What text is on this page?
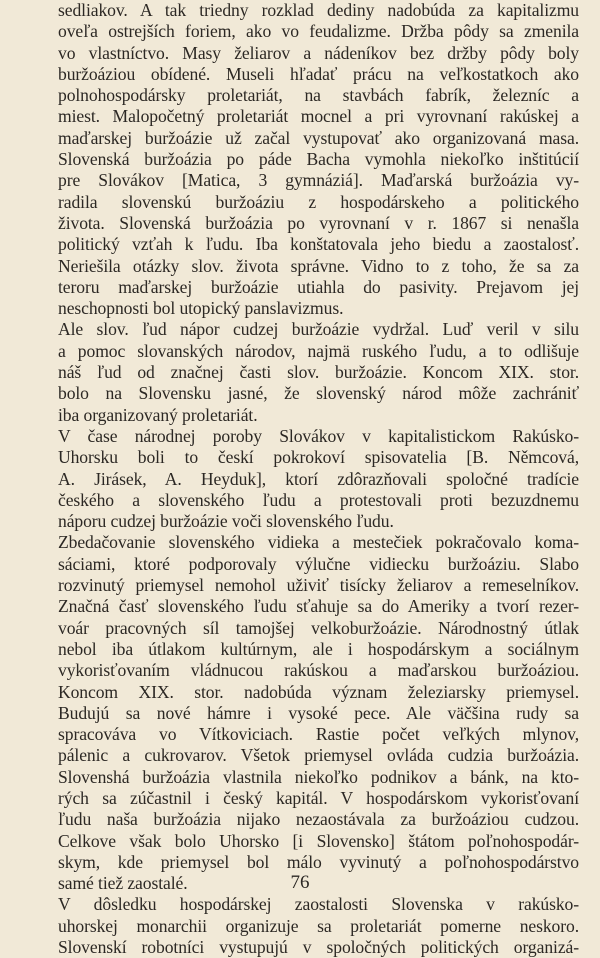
sedliakov. A tak triedny rozklad dediny nadobúda za kapitalizmu
oveľa ostrejších foriem, ako vo feudalizme. Držba pôdy sa zmenila
vo vlastníctvo. Masy želiarov a nádeníkov bez držby pôdy boly
buržoáziou obídené. Museli hľadať prácu na veľkostatkoch ako
polnohospodársky proletariát, na stavbách fabrík, železníc a
miest. Malopočetný proletariát mocnel a pri vyrovnaní rakúskej a
maďarskej buržoázie už začal vystupovať ako organizovaná masa.
Slovenská buržoázia po páde Bacha vymohla niekoľko inštitúcií
pre Slovákov [Matica, 3 gymnáziá]. Maďarská buržoázia vy-
radila slovenskú buržoáziu z hospodárskeho a politického
života. Slovenská buržoázia po vyrovnaní v r. 1867 si nenašla
politický vzťah k ľudu. Iba konštatovala jeho biedu a zaostalosť.
Neriešila otázky slov. života správne. Vidno to z toho, že sa za
teroru maďarskej buržoázie utiahla do pasivity. Prejavom jej
neschopnosti bol utopický panslavizmus.
Ale slov. ľud nápor cudzej buržoázie vydržal. Luď veril v silu
a pomoc slovanských národov, najmä ruského ľudu, a to odlišuje
náš ľud od značnej časti slov. buržoázie. Koncom XIX. stor.
bolo na Slovensku jasné, že slovenský národ môže zachrániť
iba organizovaný proletariát.
V čase národnej poroby Slovákov v kapitalistickom Rakúsko-
Uhorsku boli to českí pokrokoví spisovatelia [B. Němcová,
A. Jirásek, A. Heyduk], ktorí zdôrazňovali spoločné tradície
českého a slovenského ľudu a protestovali proti bezuzdnemu
náporu cudzej buržoázie voči slovenského ľudu.
Zbedačovanie slovenského vidieka a mestečiek pokračovalo koma-
sáciami, ktoré podporovaly výlučne vidiecku buržoáziu. Slabo
rozvinutý priemysel nemohol uživiť tisícky želiarov a remeselníkov.
Značná časť slovenského ľudu sťahuje sa do Ameriky a tvorí rezer-
voár pracovných síl tamojšej velkoburžoázie. Národnostný útlak
nebol iba útlakom kultúrnym, ale i hospodárskym a sociálnym
vykorisťovaním vládnucou rakúskou a maďarskou buržoáziou.
Koncom XIX. stor. nadobúda význam železiarsky priemysel.
Budujú sa nové hámre i vysoké pece. Ale väčšina rudy sa
spracováva vo Vítkoviciach. Rastie počet veľkých mlynov,
pálenic a cukrovarov. Všetok priemysel ovláda cudzia buržoázia.
Slovenshá buržoázia vlastnila niekoľko podnikov a bánk, na kto-
rých sa zúčastnil i český kapitál. V hospodárskom vykorisťovaní
ľudu naša buržoázia nijako nezaostávala za buržoáziou cudzou.
Celkove však bolo Uhorsko [i Slovensko] štátom poľnohospodár-
skym, kde priemysel bol málo vyvinutý a poľnohospodárstvo
samé tiež zaostalé.
V dôsledku hospodárskej zaostalosti Slovenska v rakúsko-
uhorskej monarchii organizuje sa proletariát pomerne neskoro.
Slovenskí robotníci vystupujú v spoločných politických organizá-
76
